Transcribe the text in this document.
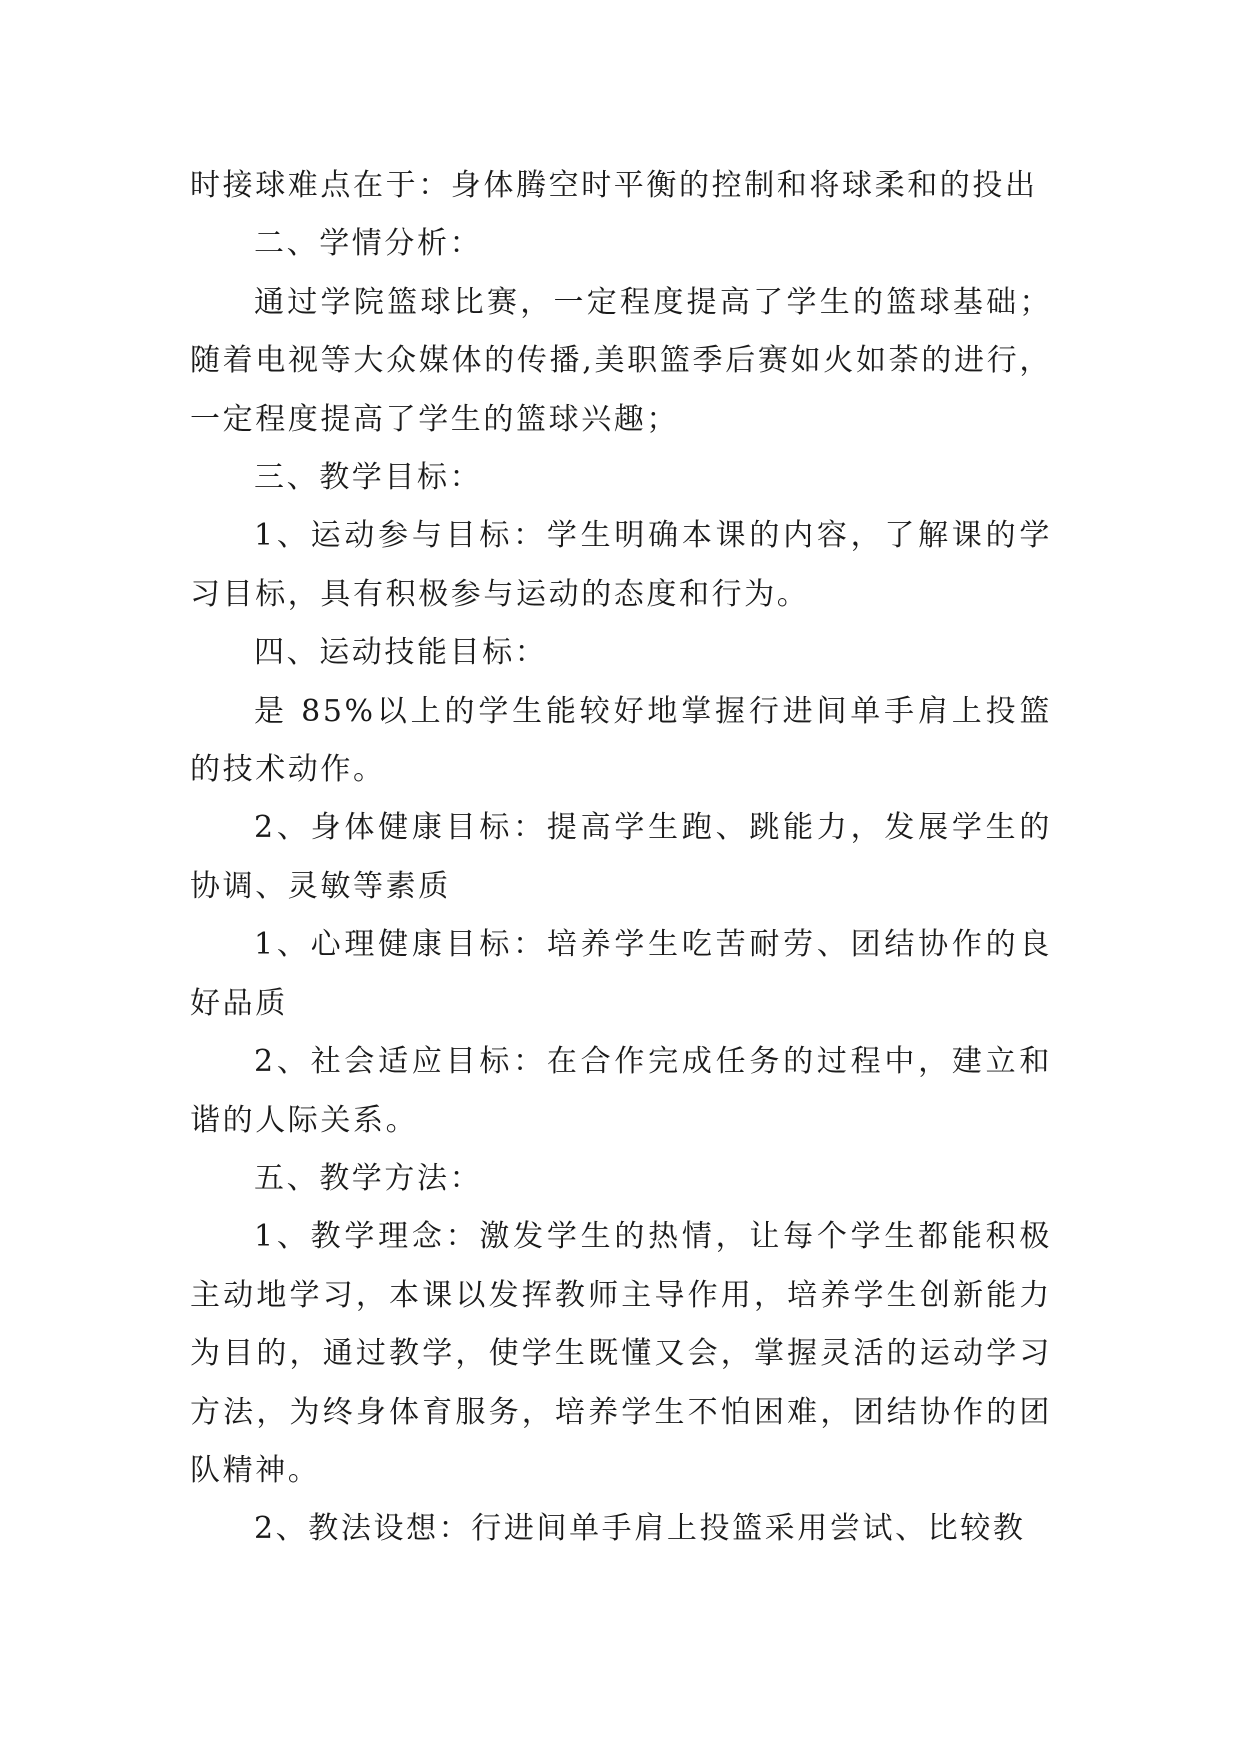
时接球难点在于：身体腾空时平衡的控制和将球柔和的投出

二、学情分析：

通过学院篮球比赛，一定程度提高了学生的篮球基础；随着电视等大众媒体的传播,美职篮季后赛如火如荼的进行，一定程度提高了学生的篮球兴趣；

三、教学目标：

1、运动参与目标：学生明确本课的内容，了解课的学习目标，具有积极参与运动的态度和行为。

四、运动技能目标：

是 85%以上的学生能较好地掌握行进间单手肩上投篮的技术动作。

2、身体健康目标：提高学生跑、跳能力，发展学生的协调、灵敏等素质

1、心理健康目标：培养学生吃苦耐劳、团结协作的良好品质

2、社会适应目标：在合作完成任务的过程中，建立和谐的人际关系。

五、教学方法：

1、教学理念：激发学生的热情，让每个学生都能积极主动地学习，本课以发挥教师主导作用，培养学生创新能力为目的，通过教学，使学生既懂又会，掌握灵活的运动学习方法，为终身体育服务，培养学生不怕困难，团结协作的团队精神。

2、教法设想：行进间单手肩上投篮采用尝试、比较教
